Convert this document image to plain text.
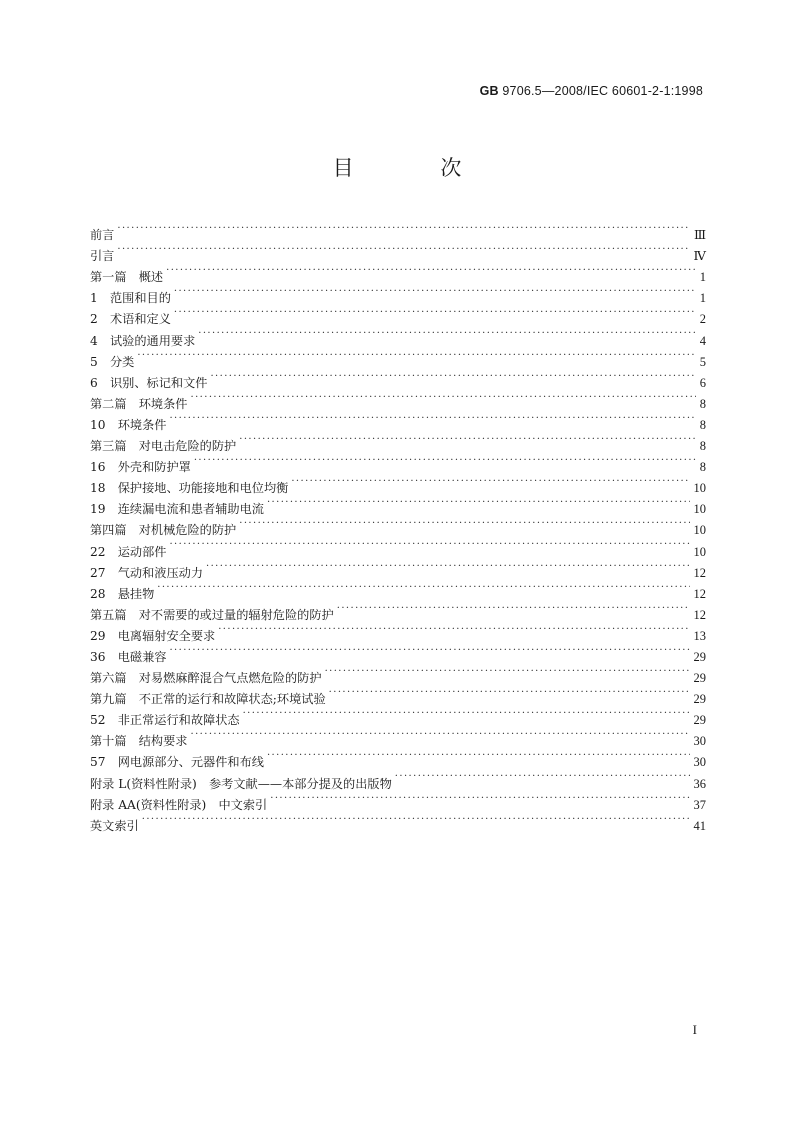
GB 9706.5—2008/IEC 60601-2-1:1998
目 次
前言 ·····	Ⅲ
引言 ·····	Ⅳ
第一篇　概述 ·····	1
1　范围和目的 ·····	1
2　术语和定义 ·····	2
4　试验的通用要求 ·····	4
5　分类 ·····	5
6　识别、标记和文件 ·····	6
第二篇　环境条件 ·····	8
10　环境条件 ·····	8
第三篇　对电击危险的防护 ·····	8
16　外壳和防护罩 ·····	8
18　保护接地、功能接地和电位均衡 ·····	10
19　连续漏电流和患者辅助电流 ·····	10
第四篇　对机械危险的防护 ·····	10
22　运动部件 ·····	10
27　气动和液压动力 ·····	12
28　悬挂物 ·····	12
第五篇　对不需要的或过量的辐射危险的防护 ·····	12
29　电离辐射安全要求 ·····	13
36　电磁兼容 ·····	29
第六篇　对易燃麻醉混合气点燃危险的防护 ·····	29
第九篇　不正常的运行和故障状态;环境试验 ·····	29
52　非正常运行和故障状态 ·····	29
第十篇　结构要求 ·····	30
57　网电源部分、元器件和布线 ·····	30
附录 L(资料性附录)　参考文献——本部分提及的出版物 ·····	36
附录 AA(资料性附录)　中文索引 ·····	37
英文索引 ·····	41
I
